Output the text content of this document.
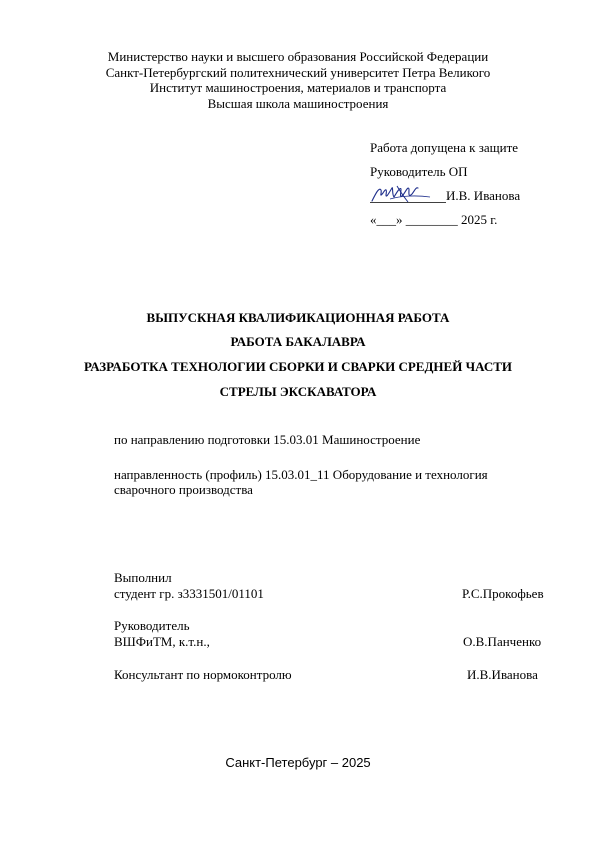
Министерство науки и высшего образования Российской Федерации
Санкт-Петербургский политехнический университет Петра Великого
Институт машиностроения, материалов и транспорта
Высшая школа машиностроения
Работа допущена к защите
Руководитель ОП
И.В. Иванова
«___» ________ 2025 г.
ВЫПУСКНАЯ КВАЛИФИКАЦИОННАЯ РАБОТА
РАБОТА БАКАЛАВРА
РАЗРАБОТКА ТЕХНОЛОГИИ СБОРКИ И СВАРКИ СРЕДНЕЙ ЧАСТИ
СТРЕЛЫ ЭКСКАВАТОРА
по направлению подготовки 15.03.01 Машиностроение
направленность (профиль) 15.03.01_11 Оборудование и технология
сварочного производства
Выполнил
студент гр. з3331501/01101	Р.С.Прокофьев
Руководитель
ВШФиТМ, к.т.н.,	О.В.Панченко
Консультант по нормоконтролю	И.В.Иванова
Санкт-Петербург – 2025
